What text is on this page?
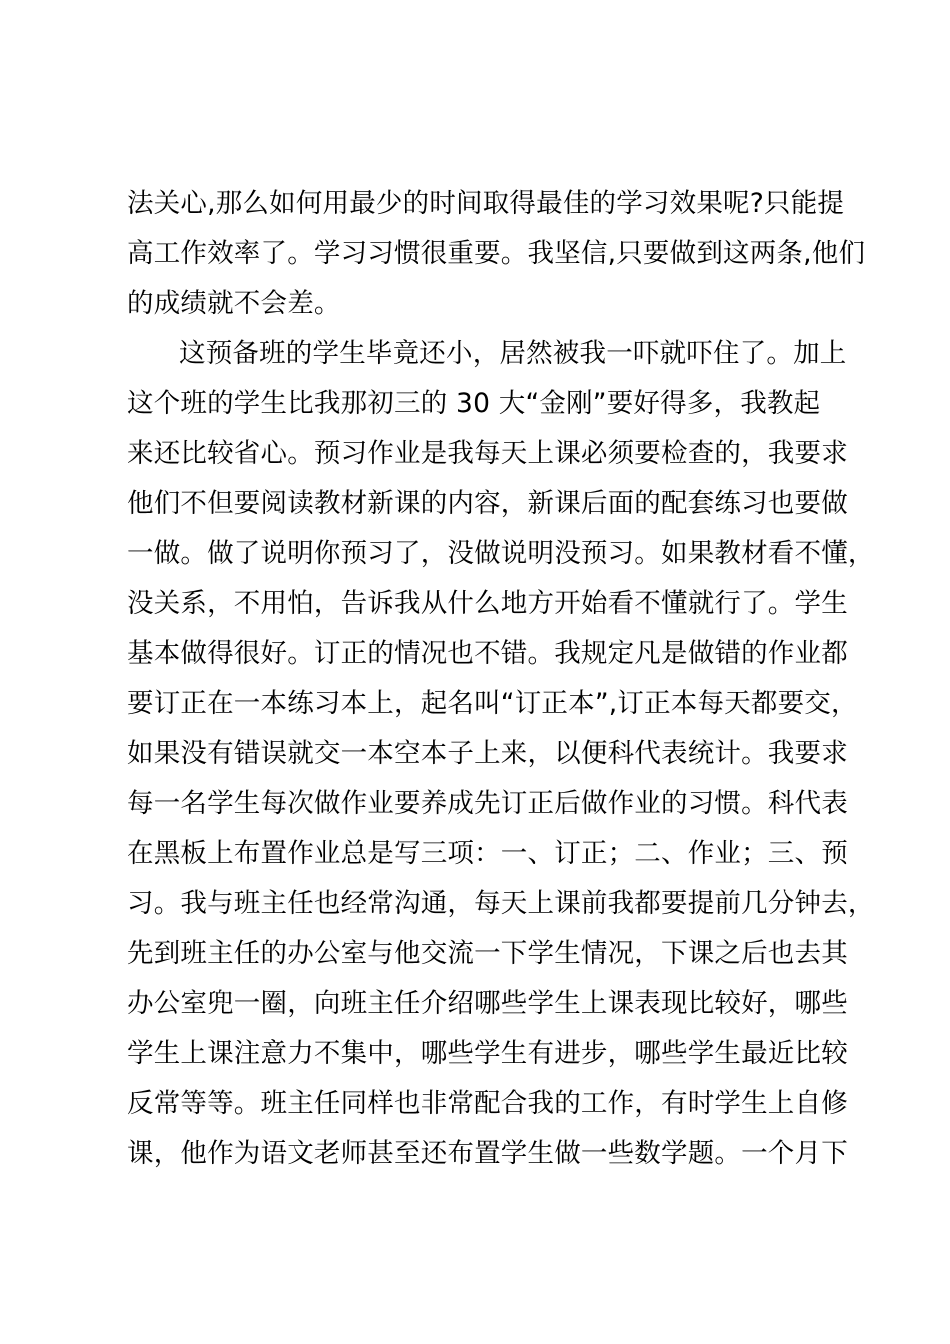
法关心,那么如何用最少的时间取得最佳的学习效果呢?只能提
高工作效率了。学习习惯很重要。我坚信,只要做到这两条,他们
的成绩就不会差。
这预备班的学生毕竟还小，居然被我一吓就吓住了。加上
这个班的学生比我那初三的 30 大“金刚”要好得多，我教起
来还比较省心。预习作业是我每天上课必须要检查的，我要求
他们不但要阅读教材新课的内容，新课后面的配套练习也要做
一做。做了说明你预习了，没做说明没预习。如果教材看不懂，
没关系，不用怕，告诉我从什么地方开始看不懂就行了。学生
基本做得很好。订正的情况也不错。我规定凡是做错的作业都
要订正在一本练习本上，起名叫“订正本”,订正本每天都要交，
如果没有错误就交一本空本子上来，以便科代表统计。我要求
每一名学生每次做作业要养成先订正后做作业的习惯。科代表
在黑板上布置作业总是写三项：一、订正；二、作业；三、预
习。我与班主任也经常沟通，每天上课前我都要提前几分钟去，
先到班主任的办公室与他交流一下学生情况，下课之后也去其
办公室兜一圈，向班主任介绍哪些学生上课表现比较好，哪些
学生上课注意力不集中，哪些学生有进步，哪些学生最近比较
反常等等。班主任同样也非常配合我的工作，有时学生上自修
课，他作为语文老师甚至还布置学生做一些数学题。一个月下
